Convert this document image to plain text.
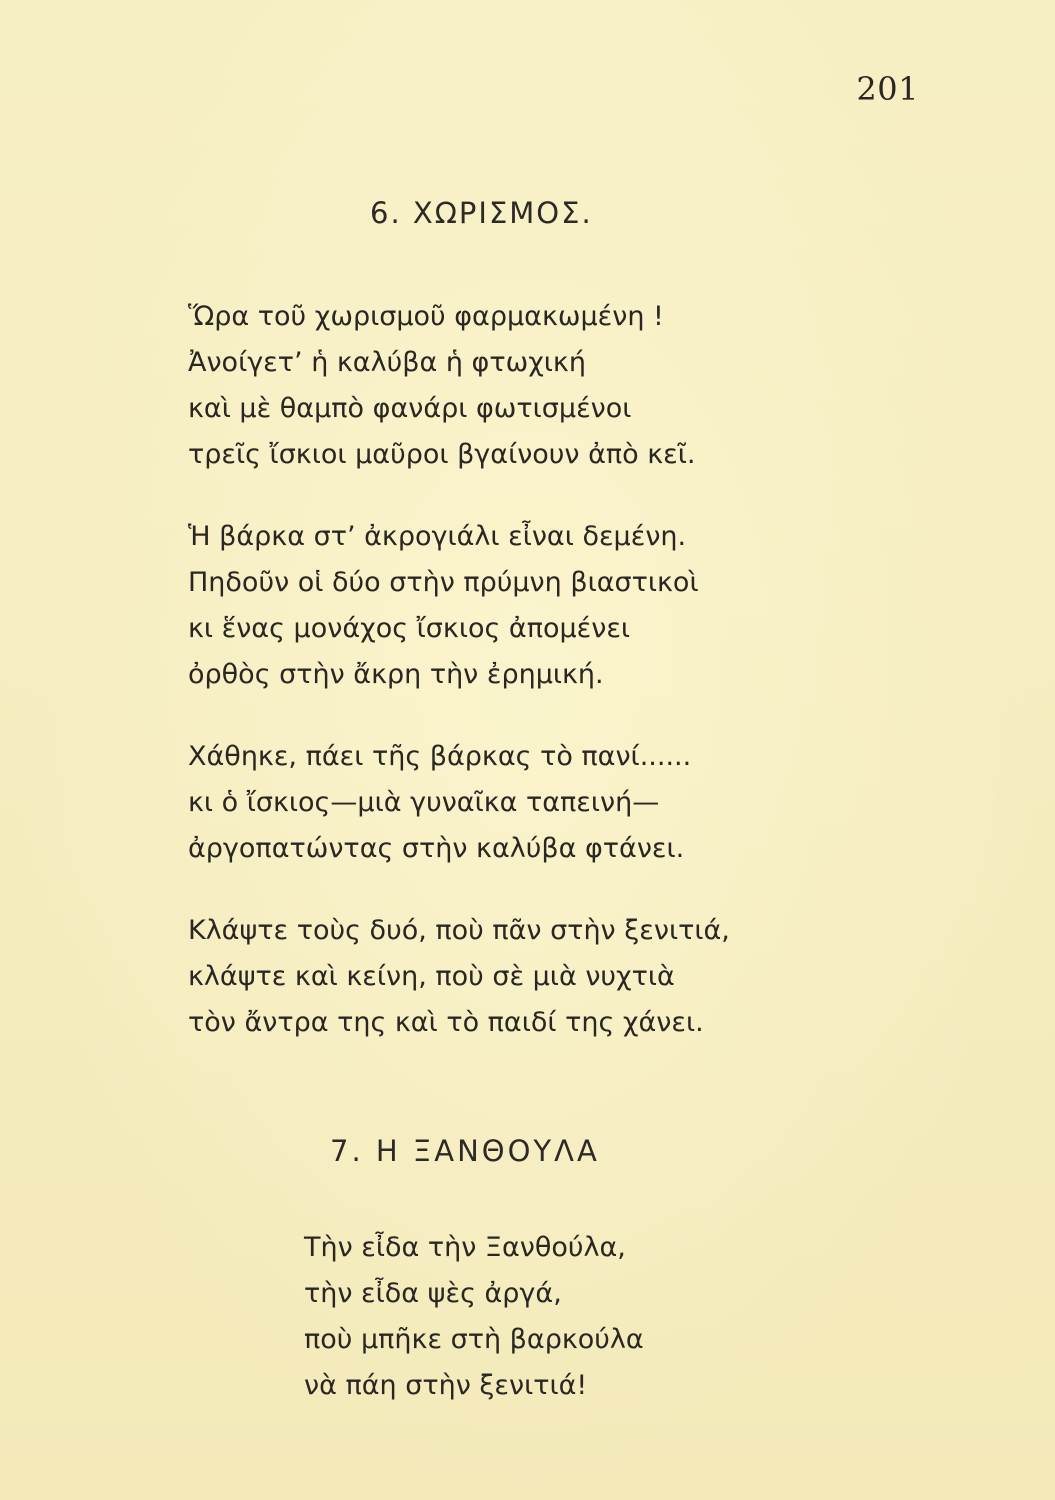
201
6. ΧΩΡΙΣΜΟΣ.
Ὥρα τοῦ χωρισμοῦ φαρμακωμένη !
Ἀνοίγετ’ ἡ καλύβα ἡ φτωχική
καὶ μὲ θαμπὸ φανάρι φωτισμένοι
τρεῖς ἴσκιοι μαῦροι βγαίνουν ἀπὸ κεῖ.
Ἡ βάρκα στ’ ἀκρογιάλι εἶναι δεμένη.
Πηδοῦν οἱ δύο στὴν πρύμνη βιαστικοὶ
κι ἕνας μονάχος ἴσκιος ἀπομένει
ὀρθὸς στὴν ἄκρη τὴν ἐρημική.
Χάθηκε, πάει τῆς βάρκας τὸ πανί......
κι ὁ ἴσκιος—μιὰ γυναῖκα ταπεινή—
ἀργοπατώντας στὴν καλύβα φτάνει.
Κλάψτε τοὺς δυό, ποὺ πᾶν στὴν ξενιτιά,
κλάψτε καὶ κείνη, ποὺ σὲ μιὰ νυχτιὰ
τὸν ἄντρα της καὶ τὸ παιδί της χάνει.
7. Η ΞΑΝΘΟΥΛΑ
Τὴν εἶδα τὴν Ξανθούλα,
τὴν εἶδα ψὲς ἀργά,
ποὺ μπῆκε στὴ βαρκούλα
νὰ πάη στὴν ξενιτιά!
